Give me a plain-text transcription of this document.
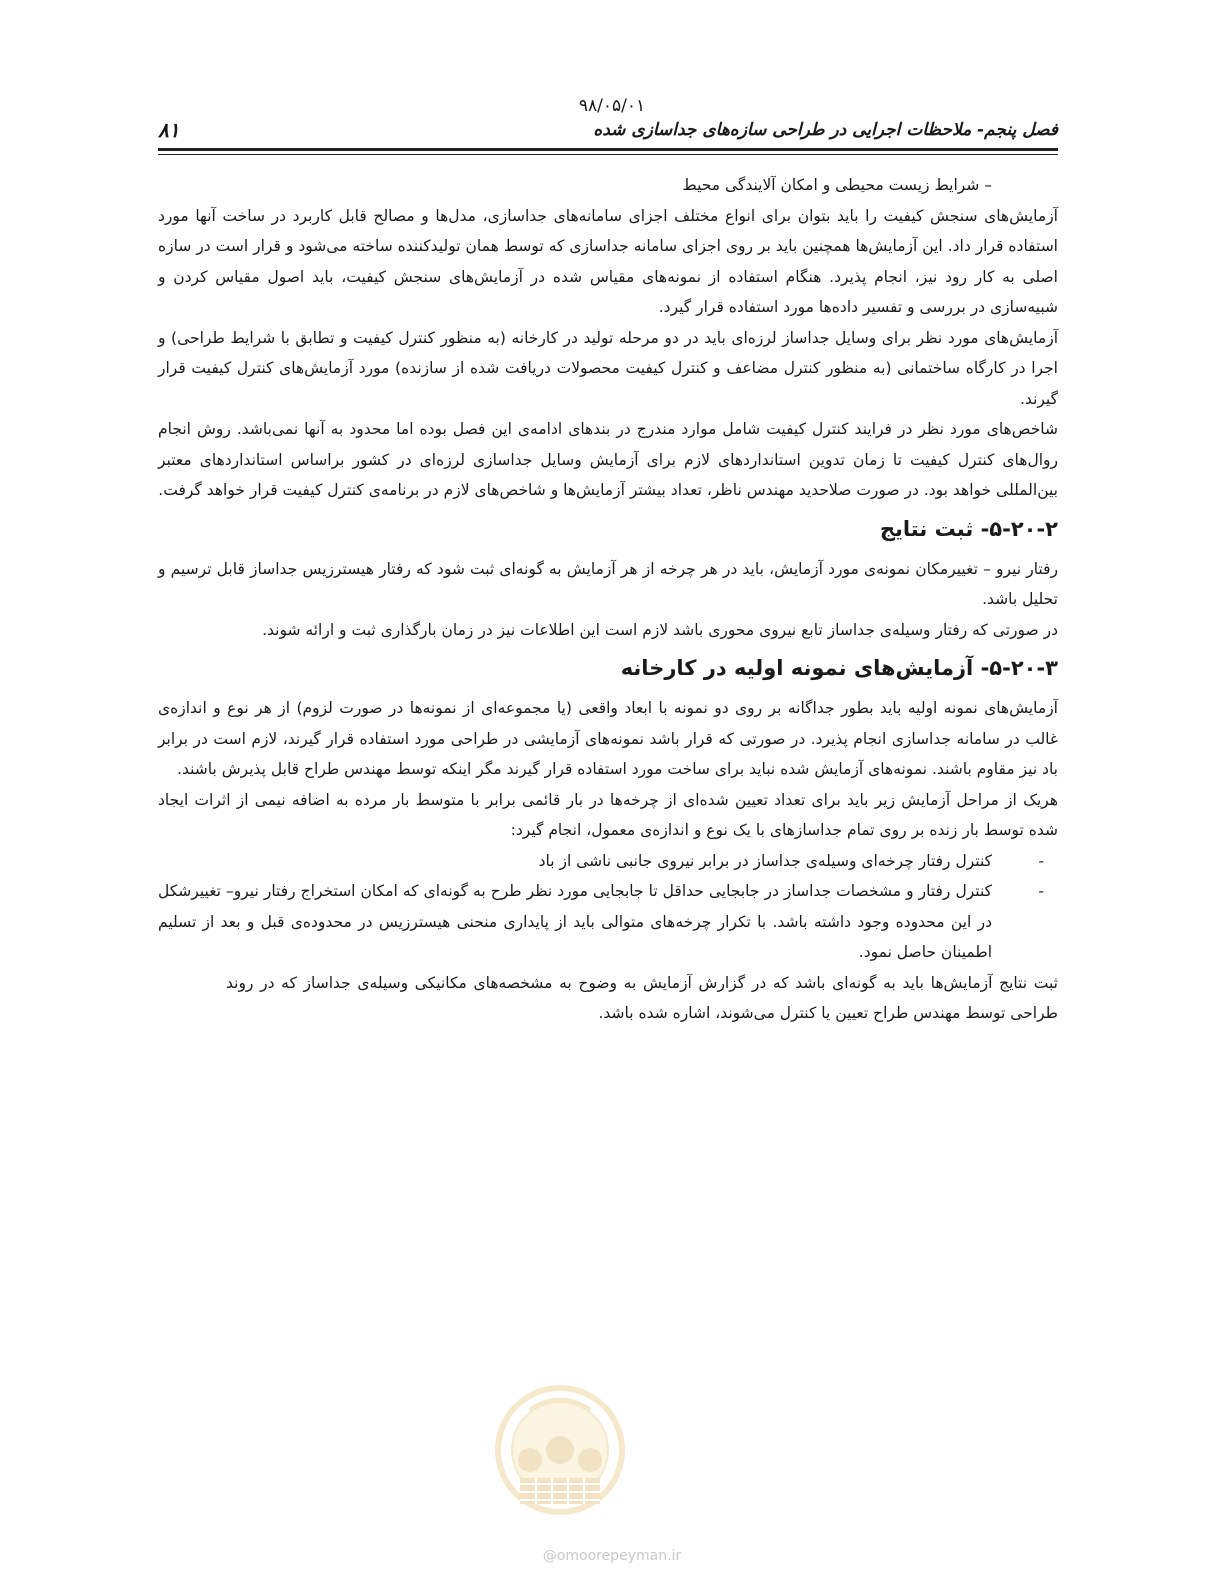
۹۸/۰۵/۰۱
فصل پنجم- ملاحظات اجرایی در طراحی سازه‌های جداسازی شده
۸۱

– شرایط زیست محیطی و امکان آلایندگی محیط

آزمایش‌های سنجش کیفیت را باید بتوان برای انواع مختلف اجزای سامانه‌های جداسازی، مدل‌ها و مصالح قابل کاربرد در ساخت آنها مورد استفاده قرار داد. این آزمایش‌ها همچنین باید بر روی اجزای سامانه جداسازی که توسط همان تولیدکننده ساخته می‌شود و قرار است در سازه اصلی به کار رود نیز، انجام پذیرد. هنگام استفاده از نمونه‌های مقیاس شده در آزمایش‌های سنجش کیفیت، باید اصول مقیاس کردن و شبیه‌سازی در بررسی و تفسیر داده‌ها مورد استفاده قرار گیرد.

آزمایش‌های مورد نظر برای وسایل جداساز لرزه‌ای باید در دو مرحله تولید در کارخانه (به منظور کنترل کیفیت و تطابق با شرایط طراحی) و اجرا در کارگاه ساختمانی (به منظور کنترل مضاعف و کنترل کیفیت محصولات دریافت شده از سازنده) مورد آزمایش‌های کنترل کیفیت قرار گیرند.

شاخص‌های مورد نظر در فرایند کنترل کیفیت شامل موارد مندرج در بندهای ادامه‌ی این فصل بوده اما محدود به آنها نمی‌باشد. روش انجام روال‌های کنترل کیفیت تا زمان تدوین استانداردهای لازم برای آزمایش وسایل جداسازی لرزه‌ای در کشور براساس استانداردهای معتبر بین‌المللی خواهد بود. در صورت صلاحدید مهندس ناظر، تعداد بیشتر آزمایش‌ها و شاخص‌های لازم در برنامه‌ی کنترل کیفیت قرار خواهد گرفت.

۵-۲۰-۲- ثبت نتایج

رفتار نیرو – تغییرمکان نمونه‌ی مورد آزمایش، باید در هر چرخه از هر آزمایش به گونه‌ای ثبت شود که رفتار هیسترزیس جداساز قابل ترسیم و تحلیل باشد.

در صورتی که رفتار وسیله‌ی جداساز تابع نیروی محوری باشد لازم است این اطلاعات نیز در زمان بارگذاری ثبت و ارائه شوند.

۵-۲۰-۳- آزمایش‌های نمونه اولیه در کارخانه

آزمایش‌های نمونه اولیه باید بطور جداگانه بر روی دو نمونه با ابعاد واقعی (یا مجموعه‌ای از نمونه‌ها در صورت لزوم) از هر نوع و اندازه‌ی غالب در سامانه جداسازی انجام پذیرد. در صورتی که قرار باشد نمونه‌های آزمایشی در طراحی مورد استفاده قرار گیرند، لازم است در برابر باد نیز مقاوم باشند. نمونه‌های آزمایش شده نباید برای ساخت مورد استفاده قرار گیرند مگر اینکه توسط مهندس طراح قابل پذیرش باشند.

هریک از مراحل آزمایش زیر باید برای تعداد تعیین شده‌ای از چرخه‌ها در بار قائمی برابر با متوسط بار مرده به اضافه نیمی از اثرات ایجاد شده توسط بار زنده بر روی تمام جداسازهای با یک نوع و اندازه‌ی معمول، انجام گیرد:

-
کنترل رفتار چرخه‌ای وسیله‌ی جداساز در برابر نیروی جانبی ناشی از باد
-
کنترل رفتار و مشخصات جداساز در جابجایی حداقل تا جابجایی مورد نظر طرح به گونه‌ای که امکان استخراج رفتار نیرو– تغییرشکل در این محدوده وجود داشته باشد. با تکرار چرخه‌های متوالی باید از پایداری منحنی هیسترزیس در محدوده‌ی قبل و بعد از تسلیم اطمینان حاصل نمود.

ثبت نتایج آزمایش‌ها باید به گونه‌ای باشد که در گزارش آزمایش به وضوح به مشخصه‌های مکانیکی وسیله‌ی جداساز که در روند طراحی توسط مهندس طراح تعیین یا کنترل می‌شوند، اشاره شده باشد.

@omoorepeyman.ir
